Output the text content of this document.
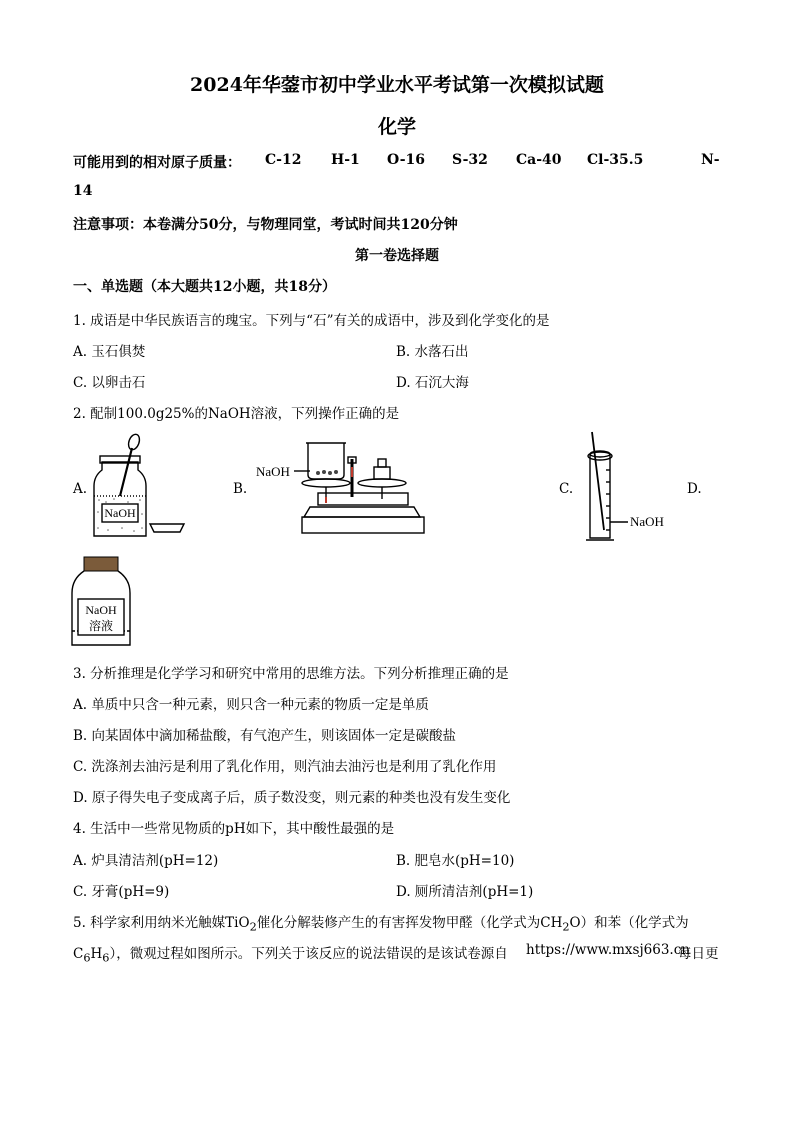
2024年华蓥市初中学业水平考试第一次模拟试题
化学
可能用到的相对原子质量： C-12 H-1 O-16 S-32 Ca-40 Cl-35.5	N-
14
注意事项：本卷满分50分，与物理同堂，考试时间共120分钟
第一卷选择题
一、单选题（本大题共12小题，共18分）
1. 成语是中华民族语言的瑰宝。下列与“石”有关的成语中，涉及到化学变化的是
A. 玉石俱焚	B. 水落石出
C. 以卵击石	D. 石沉大海
2. 配制100.0g25%的NaOH溶液，下列操作正确的是
A.	B.	C.	D.
NaOH
NaOH
NaOH
NaOH
溶液
3. 分析推理是化学学习和研究中常用的思维方法。下列分析推理正确的是
A. 单质中只含一种元素，则只含一种元素的物质一定是单质
B. 向某固体中滴加稀盐酸，有气泡产生，则该固体一定是碳酸盐
C. 洗涤剂去油污是利用了乳化作用，则汽油去油污也是利用了乳化作用
D. 原子得失电子变成离子后，质子数没变，则元素的种类也没有发生变化
4. 生活中一些常见物质的pH如下，其中酸性最强的是
A. 炉具清洁剂(pH=12)	B. 肥皂水(pH=10)
C. 牙膏(pH=9)	D. 厕所清洁剂(pH=1)
5. 科学家利用纳米光触媒TiO$_2$催化分解装修产生的有害挥发物甲醛（化学式为$CH_2O$）和苯（化学式为
$C_6H_6$），微观过程如图所示。下列关于该反应的说法错误的是该试卷源自 https://www.mxsj663.cn
每日更
